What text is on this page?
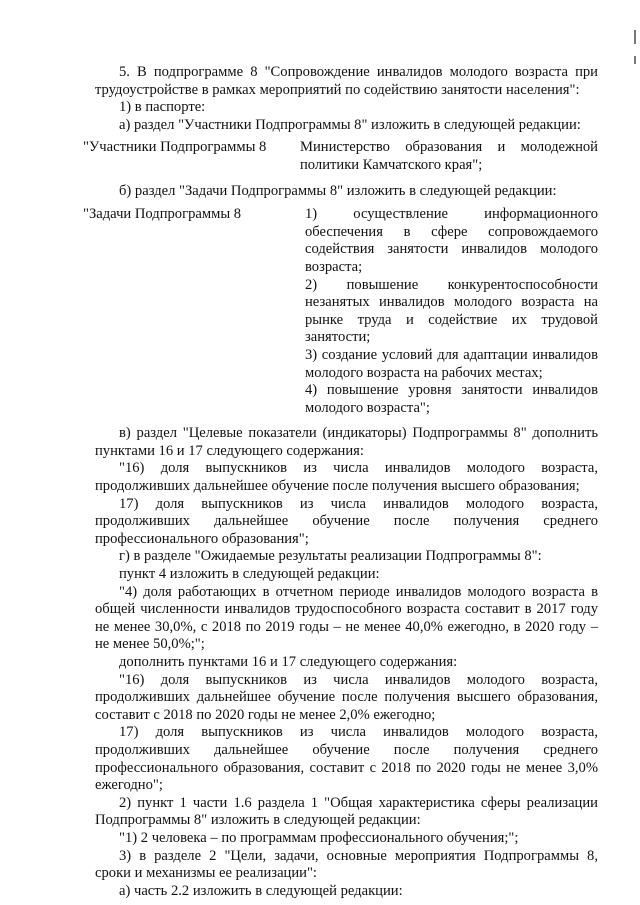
5. В подпрограмме 8 "Сопровождение инвалидов молодого возраста при трудоустройстве в рамках мероприятий по содействию занятости населения":

1) в паспорте:

а) раздел "Участники Подпрограммы 8" изложить в следующей редакции:

"Участники Подпрограммы 8	Министерство образования и молодежной политики Камчатского края";

б) раздел "Задачи Подпрограммы 8" изложить в следующей редакции:

"Задачи Подпрограммы 8	1) осуществление информационного обеспечения в сфере сопровождаемого содействия занятости инвалидов молодого возраста;

2) повышение конкурентоспособности незанятых инвалидов молодого возраста на рынке труда и содействие их трудовой занятости;

3) создание условий для адаптации инвалидов молодого возраста на рабочих местах;

4) повышение уровня занятости инвалидов молодого возраста";

в) раздел "Целевые показатели (индикаторы) Подпрограммы 8" дополнить пунктами 16 и 17 следующего содержания:

"16) доля выпускников из числа инвалидов молодого возраста, продолживших дальнейшее обучение после получения высшего образования;

17) доля выпускников из числа инвалидов молодого возраста, продолживших дальнейшее обучение после получения среднего профессионального образования";

г) в разделе "Ожидаемые результаты реализации Подпрограммы 8":

пункт 4 изложить в следующей редакции:

"4) доля работающих в отчетном периоде инвалидов молодого возраста в общей численности инвалидов трудоспособного возраста составит в 2017 году не менее 30,0%, с 2018 по 2019 годы – не менее 40,0% ежегодно, в 2020 году – не менее 50,0%;";

дополнить пунктами 16 и 17 следующего содержания:

"16) доля выпускников из числа инвалидов молодого возраста, продолживших дальнейшее обучение после получения высшего образования, составит с 2018 по 2020 годы не менее 2,0% ежегодно;

17) доля выпускников из числа инвалидов молодого возраста, продолживших дальнейшее обучение после получения среднего профессионального образования, составит с 2018 по 2020 годы не менее 3,0% ежегодно";

2) пункт 1 части 1.6 раздела 1 "Общая характеристика сферы реализации Подпрограммы 8" изложить в следующей редакции:

"1) 2 человека – по программам профессионального обучения;";

3) в разделе 2 "Цели, задачи, основные мероприятия Подпрограммы 8, сроки и механизмы ее реализации":

а) часть 2.2 изложить в следующей редакции:
